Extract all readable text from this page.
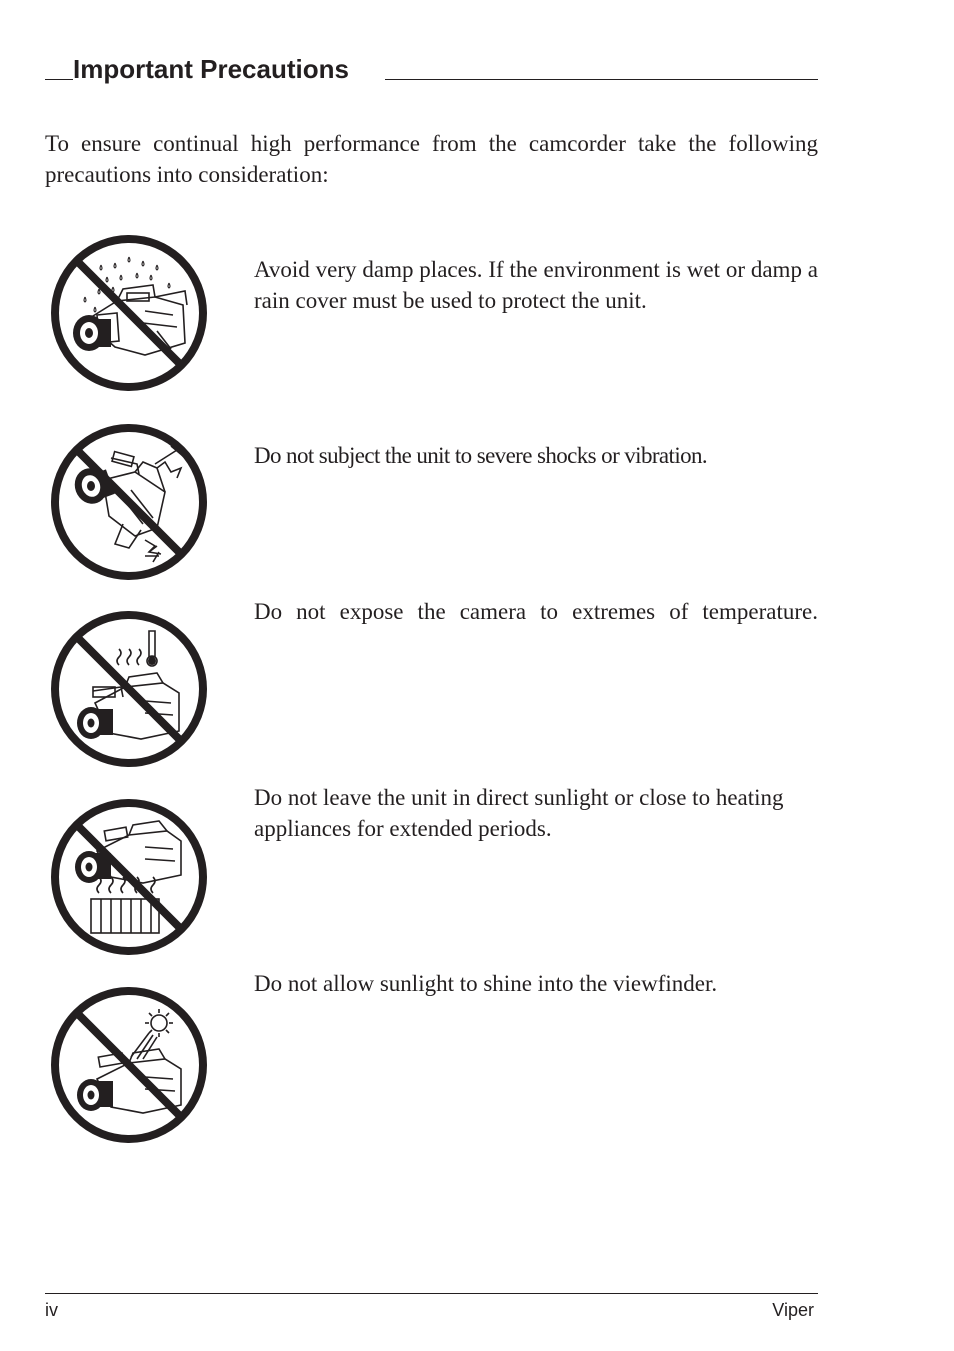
Important Precautions

To ensure continual high performance from the camcorder take the following precautions into consideration:

Avoid very damp places. If the environment is wet or damp a rain cover must be used to protect the unit.

Do not subject the unit to severe shocks or vibration.

Do not expose the camera to extremes of temperature.

Do not leave the unit in direct sunlight or close to heating appliances for extended periods.

Do not allow sunlight to shine into the viewfinder.

iv	Viper
